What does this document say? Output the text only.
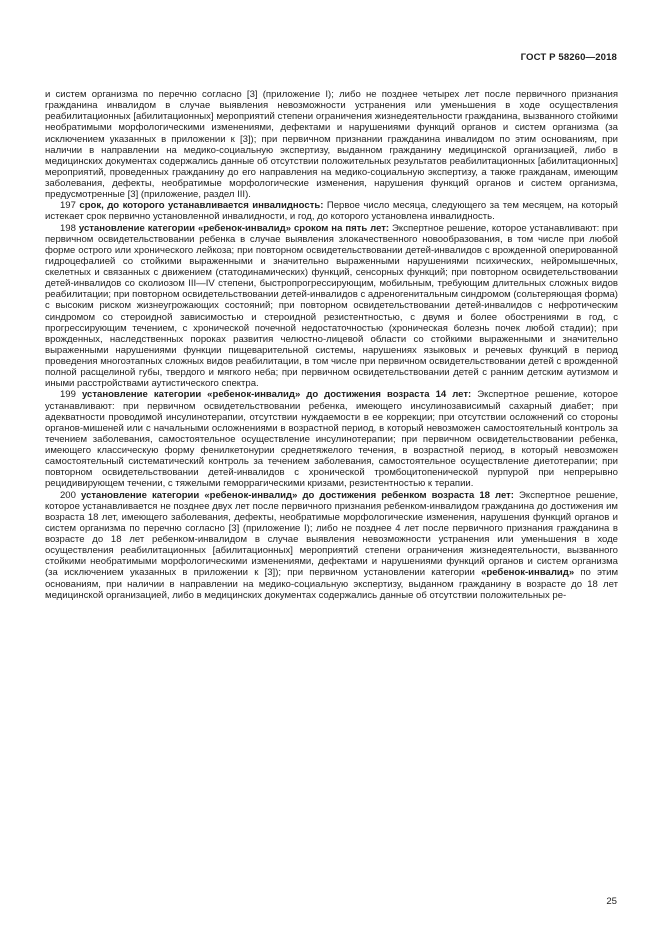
ГОСТ Р 58260—2018

и систем организма по перечню согласно [3] (приложение I); либо не позднее четырех лет после первичного признания гражданина инвалидом в случае выявления невозможности устранения или уменьшения в ходе осуществления реабилитационных [абилитационных] мероприятий степени ограничения жизнедеятельности гражданина, вызванного стойкими необратимыми морфологическими изменениями, дефектами и нарушениями функций органов и систем организма (за исключением указанных в приложении к [3]); при первичном признании гражданина инвалидом по этим основаниям, при наличии в направлении на медико-социальную экспертизу, выданном гражданину медицинской организацией, либо в медицинских документах содержались данные об отсутствии положительных результатов реабилитационных [абилитационных] мероприятий, проведенных гражданину до его направления на медико-социальную экспертизу, а также гражданам, имеющим заболевания, дефекты, необратимые морфологические изменения, нарушения функций органов и систем организма, предусмотренные [3] (приложение, раздел III).

197 срок, до которого устанавливается инвалидность: Первое число месяца, следующего за тем месяцем, на который истекает срок первично установленной инвалидности, и год, до которого установлена инвалидность.

198 установление категории «ребенок-инвалид» сроком на пять лет: Экспертное решение, которое устанавливают: при первичном освидетельствовании ребенка в случае выявления злокачественного новообразования, в том числе при любой форме острого или хронического лейкоза; при повторном освидетельствовании детей-инвалидов с врожденной оперированной гидроцефалией со стойкими выраженными и значительно выраженными нарушениями психических, нейромышечных, скелетных и связанных с движением (статодинамических) функций, сенсорных функций; при повторном освидетельствовании детей-инвалидов со сколиозом III—IV степени, быстропрогрессирующим, мобильным, требующим длительных сложных видов реабилитации; при повторном освидетельствовании детей-инвалидов с адреногенитальным синдромом (сольтеряющая форма) с высоким риском жизнеугрожающих состояний; при повторном освидетельствовании детей-инвалидов с нефротическим синдромом со стероидной зависимостью и стероидной резистентностью, с двумя и более обострениями в год, с прогрессирующим течением, с хронической почечной недостаточностью (хроническая болезнь почек любой стадии); при врожденных, наследственных пороках развития челюстно-лицевой области со стойкими выраженными и значительно выраженными нарушениями функции пищеварительной системы, нарушениях языковых и речевых функций в период проведения многоэтапных сложных видов реабилитации, в том числе при первичном освидетельствовании детей с врожденной полной расщелиной губы, твердого и мягкого неба; при первичном освидетельствовании детей с ранним детским аутизмом и иными расстройствами аутистического спектра.

199 установление категории «ребенок-инвалид» до достижения возраста 14 лет: Экспертное решение, которое устанавливают: при первичном освидетельствовании ребенка, имеющего инсулинозависимый сахарный диабет; при адекватности проводимой инсулинотерапии, отсутствии нуждаемости в ее коррекции; при отсутствии осложнений со стороны органов-мишеней или с начальными осложнениями в возрастной период, в который невозможен самостоятельный контроль за течением заболевания, самостоятельное осуществление инсулинотерапии; при первичном освидетельствовании ребенка, имеющего классическую форму фенилкетонурии среднетяжелого течения, в возрастной период, в который невозможен самостоятельный систематический контроль за течением заболевания, самостоятельное осуществление диетотерапии; при повторном освидетельствовании детей-инвалидов с хронической тромбоцитопенической пурпурой при непрерывно рецидивирующем течении, с тяжелыми геморрагическими кризами, резистентностью к терапии.

200 установление категории «ребенок-инвалид» до достижения ребенком возраста 18 лет: Экспертное решение, которое устанавливается не позднее двух лет после первичного признания ребенком-инвалидом гражданина до достижения им возраста 18 лет, имеющего заболевания, дефекты, необратимые морфологические изменения, нарушения функций органов и систем организма по перечню согласно [3] (приложение I); либо не позднее 4 лет после первичного признания гражданина в возрасте до 18 лет ребенком-инвалидом в случае выявления невозможности устранения или уменьшения в ходе осуществления реабилитационных [абилитационных] мероприятий степени ограничения жизнедеятельности, вызванного стойкими необратимыми морфологическими изменениями, дефектами и нарушениями функций органов и систем организма (за исключением указанных в приложении к [3]); при первичном установлении категории «ребенок-инвалид» по этим основаниям, при наличии в направлении на медико-социальную экспертизу, выданном гражданину в возрасте до 18 лет медицинской организацией, либо в медицинских документах содержались данные об отсутствии положительных ре-

25
